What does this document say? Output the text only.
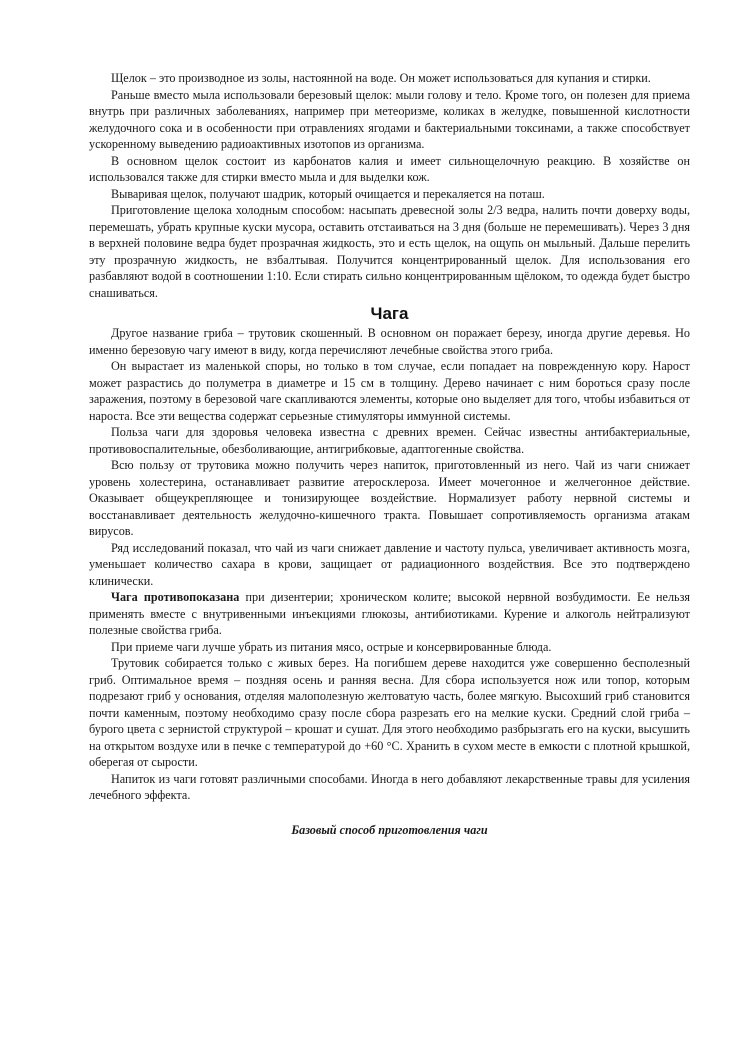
Щелок – это производное из золы, настоянной на воде. Он может использоваться для купания и стирки.

Раньше вместо мыла использовали березовый щелок: мыли голову и тело. Кроме того, он полезен для приема внутрь при различных заболеваниях, например при метеоризме, коликах в желудке, повышенной кислотности желудочного сока и в особенности при отравлениях ягодами и бактериальными токсинами, а также способствует ускоренному выведению радиоактивных изотопов из организма.

В основном щелок состоит из карбонатов калия и имеет сильнощелочную реакцию. В хозяйстве он использовался также для стирки вместо мыла и для выделки кож.

Вываривая щелок, получают шадрик, который очищается и перекаляется на поташ.

Приготовление щелока холодным способом: насыпать древесной золы 2/3 ведра, налить почти доверху воды, перемешать, убрать крупные куски мусора, оставить отстаиваться на 3 дня (больше не перемешивать). Через 3 дня в верхней половине ведра будет прозрачная жидкость, это и есть щелок, на ощупь он мыльный. Дальше перелить эту прозрачную жидкость, не взбалтывая. Получится концентрированный щелок. Для использования его разбавляют водой в соотношении 1:10. Если стирать сильно концентрированным щёлоком, то одежда будет быстро снашиваться.

Чага

Другое название гриба – трутовик скошенный. В основном он поражает березу, иногда другие деревья. Но именно березовую чагу имеют в виду, когда перечисляют лечебные свойства этого гриба.

Он вырастает из маленькой споры, но только в том случае, если попадает на поврежденную кору. Нарост может разрастись до полуметра в диаметре и 15 см в толщину. Дерево начинает с ним бороться сразу после заражения, поэтому в березовой чаге скапливаются элементы, которые оно выделяет для того, чтобы избавиться от нароста. Все эти вещества содержат серьезные стимуляторы иммунной системы.

Польза чаги для здоровья человека известна с древних времен. Сейчас известны антибактериальные, противовоспалительные, обезболивающие, антигрибковые, адаптогенные свойства.

Всю пользу от трутовика можно получить через напиток, приготовленный из него. Чай из чаги снижает уровень холестерина, останавливает развитие атеросклероза. Имеет мочегонное и желчегонное действие. Оказывает общеукрепляющее и тонизирующее воздействие. Нормализует работу нервной системы и восстанавливает деятельность желудочно-кишечного тракта. Повышает сопротивляемость организма атакам вирусов.

Ряд исследований показал, что чай из чаги снижает давление и частоту пульса, увеличивает активность мозга, уменьшает количество сахара в крови, защищает от радиационного воздействия. Все это подтверждено клинически.

Чага противопоказана при дизентерии; хроническом колите; высокой нервной возбудимости. Ее нельзя применять вместе с внутривенными инъекциями глюкозы, антибиотиками. Курение и алкоголь нейтрализуют полезные свойства гриба.

При приеме чаги лучше убрать из питания мясо, острые и консервированные блюда.

Трутовик собирается только с живых берез. На погибшем дереве находится уже совершенно бесполезный гриб. Оптимальное время – поздняя осень и ранняя весна. Для сбора используется нож или топор, которым подрезают гриб у основания, отделяя малополезную желтоватую часть, более мягкую. Высохший гриб становится почти каменным, поэтому необходимо сразу после сбора разрезать его на мелкие куски. Средний слой гриба – бурого цвета с зернистой структурой – крошат и сушат. Для этого необходимо разбрызгать его на куски, высушить на открытом воздухе или в печке с температурой до +60 °С. Хранить в сухом месте в емкости с плотной крышкой, оберегая от сырости.

Напиток из чаги готовят различными способами. Иногда в него добавляют лекарственные травы для усиления лечебного эффекта.

Базовый способ приготовления чаги
